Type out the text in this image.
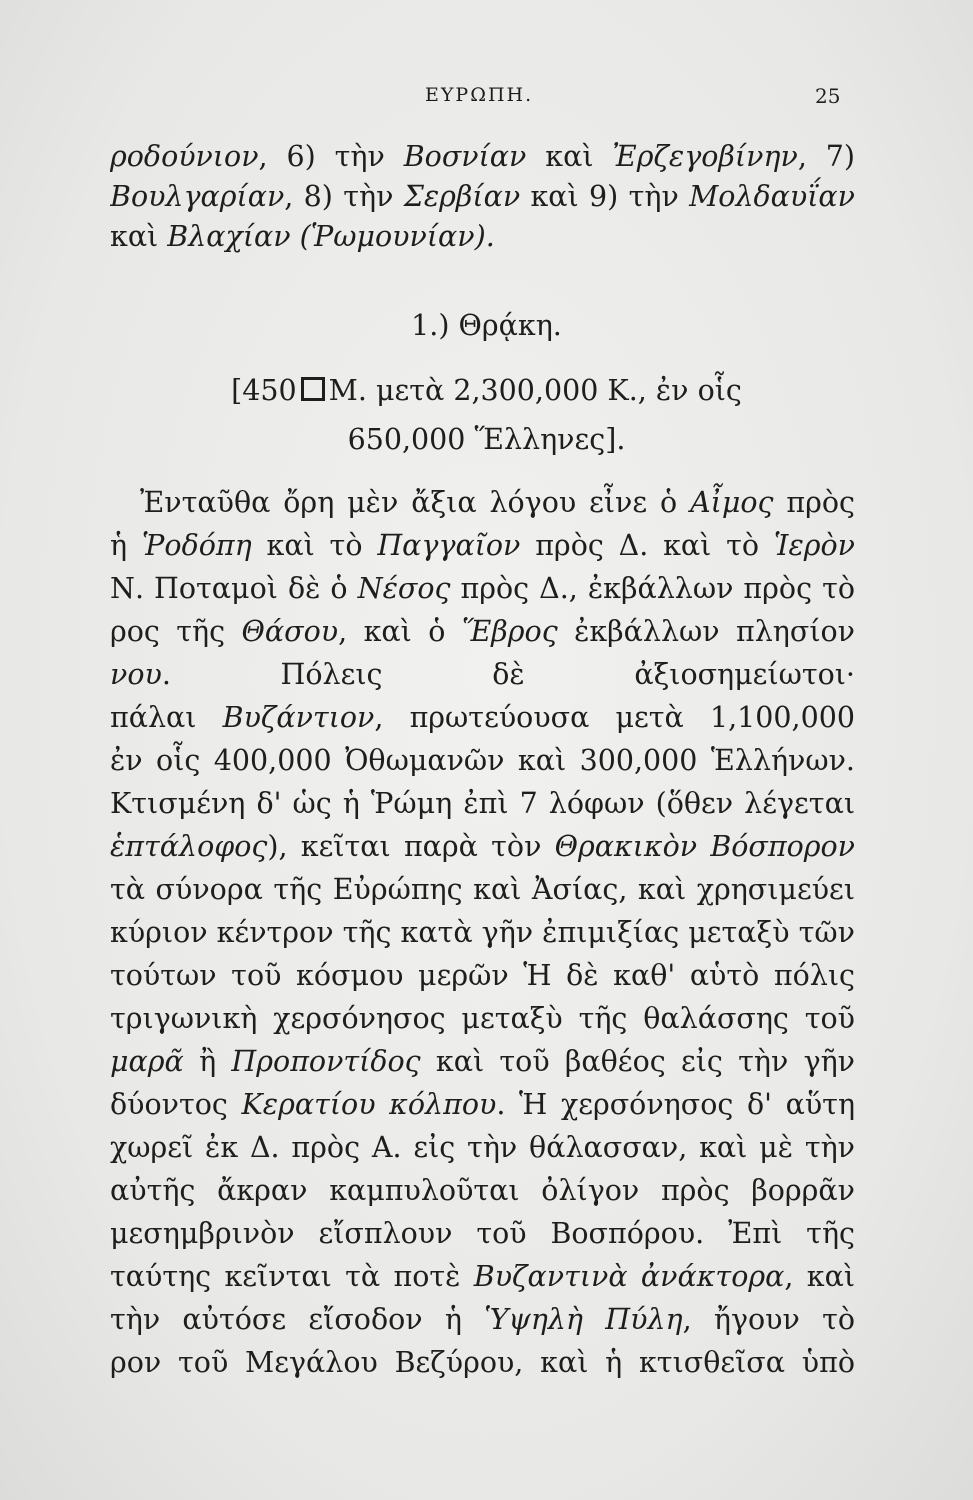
ΕΥΡΩΠΗ.	25
ροδούνιον, 6) τὴν Βοσνίαν καὶ Ἐρζεγοβίνην, 7)
Βουλγαρίαν, 8) τὴν Σερβίαν καὶ 9) τὴν Μολδαυΐαν
καὶ Βλαχίαν (Ῥωμουνίαν).
1.) Θρᾴκη.
[450 Μ. μετὰ 2,300,000 Κ., ἐν οἷς
650,000 Ἕλληνες].
Ἐνταῦθα ὄρη μὲν ἄξια λόγου εἶνε ὁ Αἶμος πρὸς
ἡ Ῥοδόπη καὶ τὸ Παγγαῖον πρὸς Δ. καὶ τὸ Ἱερὸν
Ν. Ποταμοὶ δὲ ὁ Νέσος πρὸς Δ., ἐκβάλλων πρὸς τὸ
ρος τῆς Θάσου, καὶ ὁ Ἕβρος ἐκβάλλων πλησίον
νου. Πόλεις δὲ ἀξιοσημείωτοι·
πάλαι Βυζάντιον, πρωτεύουσα μετὰ 1,100,000
ἐν οἷς 400,000 Ὀθωμανῶν καὶ 300,000 Ἑλλήνων.
Κτισμένη δ' ὡς ἡ Ῥώμη ἐπὶ 7 λόφων (ὅθεν λέγεται
ἑπτάλοφος), κεῖται παρὰ τὸν Θρακικὸν Βόσπορον
τὰ σύνορα τῆς Εὐρώπης καὶ Ἀσίας, καὶ χρησιμεύει
κύριον κέντρον τῆς κατὰ γῆν ἐπιμιξίας μεταξὺ τῶν
τούτων τοῦ κόσμου μερῶν Ἡ δὲ καθ' αὑτὸ πόλις
τριγωνικὴ χερσόνησος μεταξὺ τῆς θαλάσσης τοῦ
μαρᾶ ἢ Προποντίδος καὶ τοῦ βαθέος εἰς τὴν γῆν
δύοντος Κερατίου κόλπου. Ἡ χερσόνησος δ' αὕτη
χωρεῖ ἐκ Δ. πρὸς Α. εἰς τὴν θάλασσαν, καὶ μὲ τὴν
αὐτῆς ἄκραν καμπυλοῦται ὀλίγον πρὸς βορρᾶν
μεσημβρινὸν εἴσπλουν τοῦ Βοσπόρου. Ἐπὶ τῆς
ταύτης κεῖνται τὰ ποτὲ Βυζαντινὰ ἀνάκτορα, καὶ
τὴν αὐτόσε εἴσοδον ἡ Ὑψηλὴ Πύλη, ἤγουν τὸ
ρον τοῦ Μεγάλου Βεζύρου, καὶ ἡ κτισθεῖσα ὑπὸ
